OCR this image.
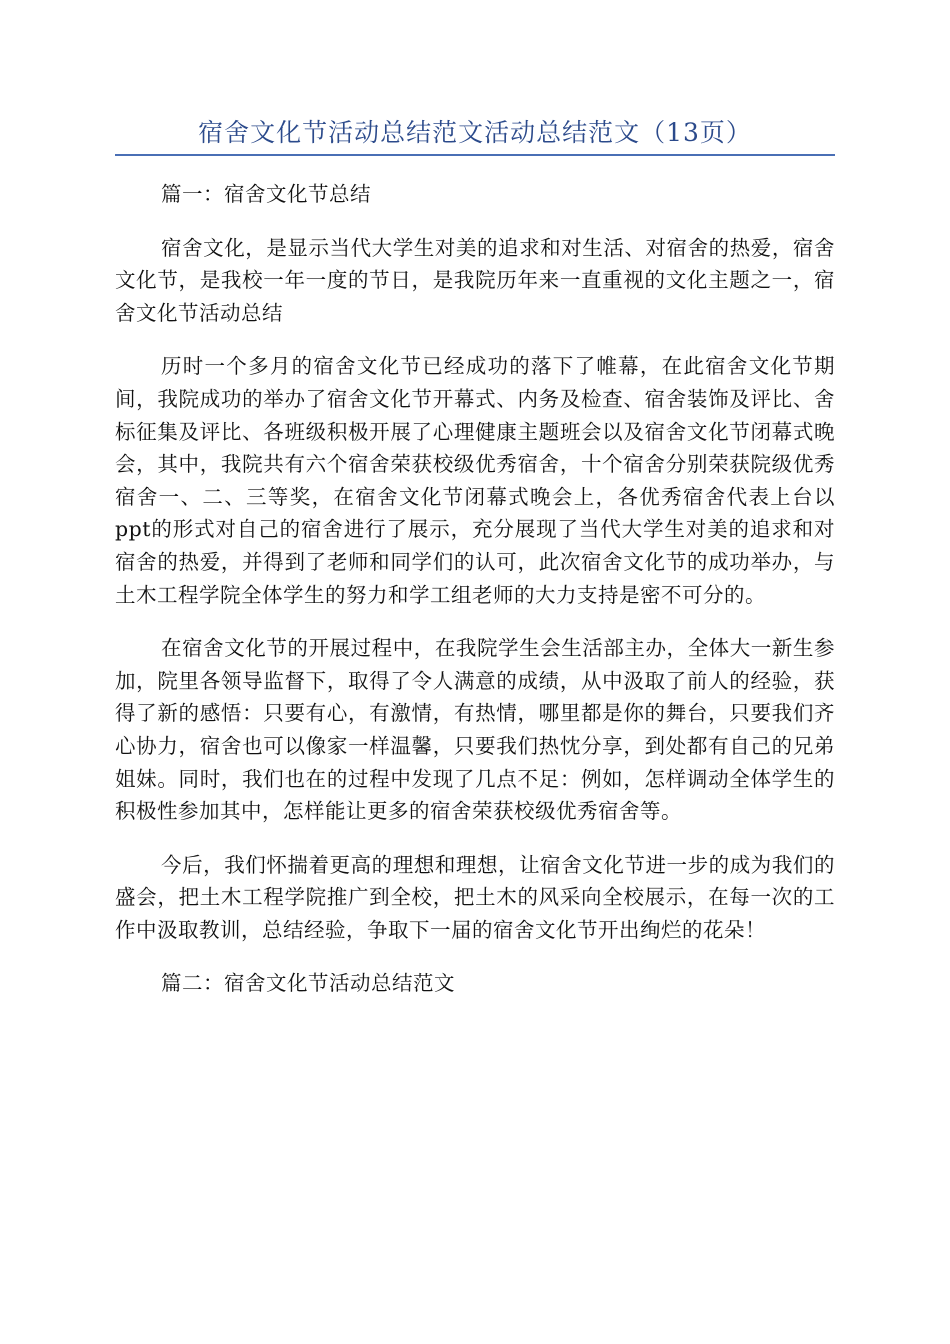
宿舍文化节活动总结范文活动总结范文（13页）

篇一：宿舍文化节总结

宿舍文化，是显示当代大学生对美的追求和对生活、对宿舍的热爱，宿舍文化节，是我校一年一度的节日，是我院历年来一直重视的文化主题之一，宿舍文化节活动总结

历时一个多月的宿舍文化节已经成功的落下了帷幕，在此宿舍文化节期间，我院成功的举办了宿舍文化节开幕式、内务及检查、宿舍装饰及评比、舍标征集及评比、各班级积极开展了心理健康主题班会以及宿舍文化节闭幕式晚会，其中，我院共有六个宿舍荣获校级优秀宿舍，十个宿舍分别荣获院级优秀宿舍一、二、三等奖，在宿舍文化节闭幕式晚会上，各优秀宿舍代表上台以ppt的形式对自己的宿舍进行了展示，充分展现了当代大学生对美的追求和对宿舍的热爱，并得到了老师和同学们的认可，此次宿舍文化节的成功举办，与土木工程学院全体学生的努力和学工组老师的大力支持是密不可分的。

在宿舍文化节的开展过程中，在我院学生会生活部主办，全体大一新生参加，院里各领导监督下，取得了令人满意的成绩，从中汲取了前人的经验，获得了新的感悟：只要有心，有激情，有热情，哪里都是你的舞台，只要我们齐心协力，宿舍也可以像家一样温馨，只要我们热忱分享，到处都有自己的兄弟姐妹。同时，我们也在的过程中发现了几点不足：例如，怎样调动全体学生的积极性参加其中，怎样能让更多的宿舍荣获校级优秀宿舍等。

今后，我们怀揣着更高的理想和理想，让宿舍文化节进一步的成为我们的盛会，把土木工程学院推广到全校，把土木的风采向全校展示，在每一次的工作中汲取教训，总结经验，争取下一届的宿舍文化节开出绚烂的花朵！

篇二：宿舍文化节活动总结范文
